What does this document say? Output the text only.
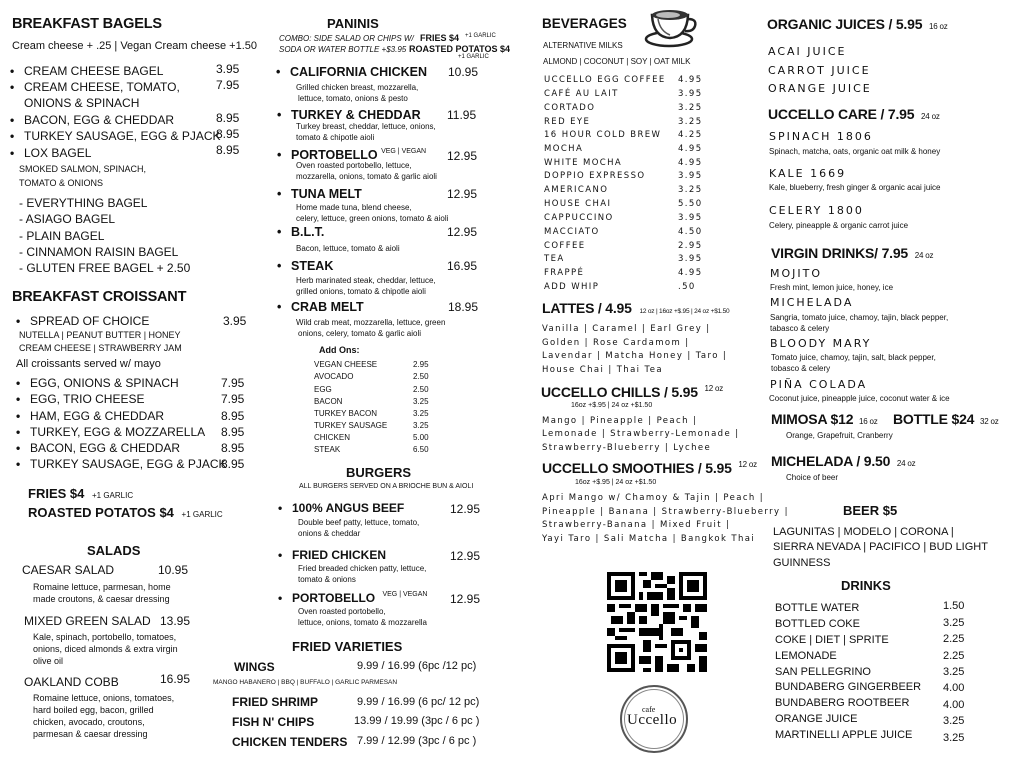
BREAKFAST BAGELS
Cream cheese + .25 | Vegan Cream cheese +1.50
• CREAM CHEESE BAGEL	3.95
• CREAM CHEESE, TOMATO,
ONIONS & SPINACH
7.95
• BACON, EGG & CHEDDAR	8.95
• TURKEY SAUSAGE, EGG & PJACK
8.95
• LOX BAGEL	8.95
SMOKED SALMON, SPINACH,
TOMATO & ONIONS
- EVERYTHING BAGEL
- ASIAGO BAGEL
- PLAIN BAGEL
- CINNAMON RAISIN BAGEL
- GLUTEN FREE BAGEL + 2.50
BREAKFAST CROISSANT
• SPREAD OF CHOICE	3.95
NUTELLA | PEANUT BUTTER | HONEY
CREAM CHEESE | STRAWBERRY JAM
All croissants served w/ mayo
• EGG, ONIONS & SPINACH	7.95
• EGG, TRIO CHEESE	7.95
• HAM, EGG & CHEDDAR	8.95
• TURKEY, EGG & MOZZARELLA 8.95
• BACON, EGG & CHEDDAR	8.95
• TURKEY SAUSAGE, EGG & PJACK
8.95
FRIES $4 +1 GARLIC
ROASTED POTATOS $4 +1 GARLIC
SALADS
CAESAR SALAD	10.95
Romaine lettuce, parmesan, home
made croutons, & caesar dressing
MIXED GREEN SALAD 13.95
Kale, spinach, portobello, tomatoes,
onions, diced almonds & extra virgin
olive oil
OAKLAND COBB	16.95
Romaine lettuce, onions, tomatoes,
hard boiled egg, bacon, grilled
chicken, avocado, croutons,
parmesan & caesar dressing
PANINIS
COMBO: SIDE SALAD OR CHIPS W/
SODA OR WATER BOTTLE +$3.95
FRIES $4 $^{+1 GARLIC}$
ROASTED POTATOS $4
+1 GARLIC
• CALIFORNIA CHICKEN 10.95
Grilled chicken breast, mozzarella,
lettuce, tomato, onions & pesto
• TURKEY & CHEDDAR 11.95
Turkey breast, cheddar, lettuce, onions,
tomato & chipotle aioli
• PORTOBELLO $^{VEG | VEGAN}$ 12.95
Oven roasted portobello, lettuce,
mozzarella, onions, tomato & garlic aioli
• TUNA MELT	12.95
Home made tuna, blend cheese,
celery, lettuce, green onions, tomato & aioli
• B.L.T.	12.95
Bacon, lettuce, tomato & aioli
• STEAK	16.95
Herb marinated steak, cheddar, lettuce,
grilled onions, tomato & chipotle aioli
• CRAB MELT	18.95
Wild crab meat, mozzarella, lettuce, green
onions, celery, tomato & garlic aioli
Add Ons:
VEGAN CHEESE	2.95
AVOCADO	2.50
EGG	2.50
BACON	3.25
TURKEY BACON	3.25
TURKEY SAUSAGE	3.25
CHICKEN	5.00
STEAK	6.50
BURGERS
ALL BURGERS SERVED ON A BRIOCHE BUN & AIOLI
• 100% ANGUS BEEF	12.95
Double beef patty, lettuce, tomato,
onions & cheddar
• FRIED CHICKEN	12.95
Fried breaded chicken patty, lettuce,
tomato & onions
• PORTOBELLO $^{VEG | VEGAN}$ 12.95
Oven roasted portobello,
lettuce, onions, tomato & mozzarella
FRIED VARIETIES
WINGS	9.99 / 16.99 (6pc /12 pc)
MANGO HABANERO | BBQ | BUFFALO | GARLIC PARMESAN
FRIED SHRIMP	9.99 / 16.99 (6 pc/ 12 pc)
FISH N' CHIPS	13.99 / 19.99 (3pc / 6 pc )
CHICKEN TENDERS 7.99 / 12.99 (3pc / 6 pc )
BEVERAGES
ALTERNATIVE MILKS
ALMOND | COCONUT | SOY | OAT MILK
UCCELLO EGG COFFEE 4.95
CAFÉ AU LAIT	3.95
CORTADO	3.25
RED EYE	3.25
16 HOUR COLD BREW 4.25
MOCHA	4.95
WHITE MOCHA	4.95
DOPPIO EXPRESSO	3.95
AMERICANO	3.25
HOUSE CHAI	5.50
CAPPUCCINO	3.95
MACCIATO	4.50
COFFEE	2.95
TEA	3.95
FRAPPÉ	4.95
ADD WHIP	.50
LATTES / 4.95 12 oz | 16oz +$.95 | 24 oz +$1.50
Vanilla | Caramel | Earl Grey |
Golden | Rose Cardamom |
Lavendar | Matcha Honey | Taro |
House Chai | Thai Tea
UCCELLO CHILLS / 5.95 $^{12 oz}$
16oz +$.95 | 24 oz +$1.50
Mango | Pineapple | Peach |
Lemonade | Strawberry-Lemonade |
Strawberry-Blueberry | Lychee
UCCELLO SMOOTHIES / 5.95 $^{12 oz}$
16oz +$.95 | 24 oz +$1.50
Apri Mango w/ Chamoy & Tajin | Peach |
Pineapple | Banana | Strawberry-Blueberry |
Strawberry-Banana | Mixed Fruit |
Yayi Taro | Sali Matcha | Bangkok Thai
cafe
Uccello
ORGANIC JUICES / 5.95 16 oz
ACAI JUICE
CARROT JUICE
ORANGE JUICE
UCCELLO CARE / 7.95 24 oz
SPINACH 1806
Spinach, matcha, oats, organic oat milk & honey
KALE 1669
Kale, blueberry, fresh ginger & organic acai juice
CELERY 1800
Celery, pineapple & organic carrot juice
VIRGIN DRINKS/ 7.95 24 oz
MOJITO
Fresh mint, lemon juice, honey, ice
MICHELADA
Sangria, tomato juice, chamoy, tajin, black pepper,
tabasco & celery
BLOODY MARY
Tomato juice, chamoy, tajin, salt, black pepper,
tobasco & celery
PIÑA COLADA
Coconut juice, pineapple juice, coconut water & ice
MIMOSA $12 16 oz BOTTLE $24 32 oz
Orange, Grapefruit, Cranberry
MICHELADA / 9.50 24 oz
Choice of beer
BEER $5
LAGUNITAS | MODELO | CORONA |
SIERRA NEVADA | PACIFICO | BUD LIGHT
GUINNESS
DRINKS
BOTTLE WATER	1.50
BOTTLED COKE	3.25
COKE | DIET | SPRITE	2.25
LEMONADE	2.25
SAN PELLEGRINO	3.25
BUNDABERG GINGERBEER 4.00
BUNDABERG ROOTBEER	4.00
ORANGE JUICE	3.25
MARTINELLI APPLE JUICE	3.25
